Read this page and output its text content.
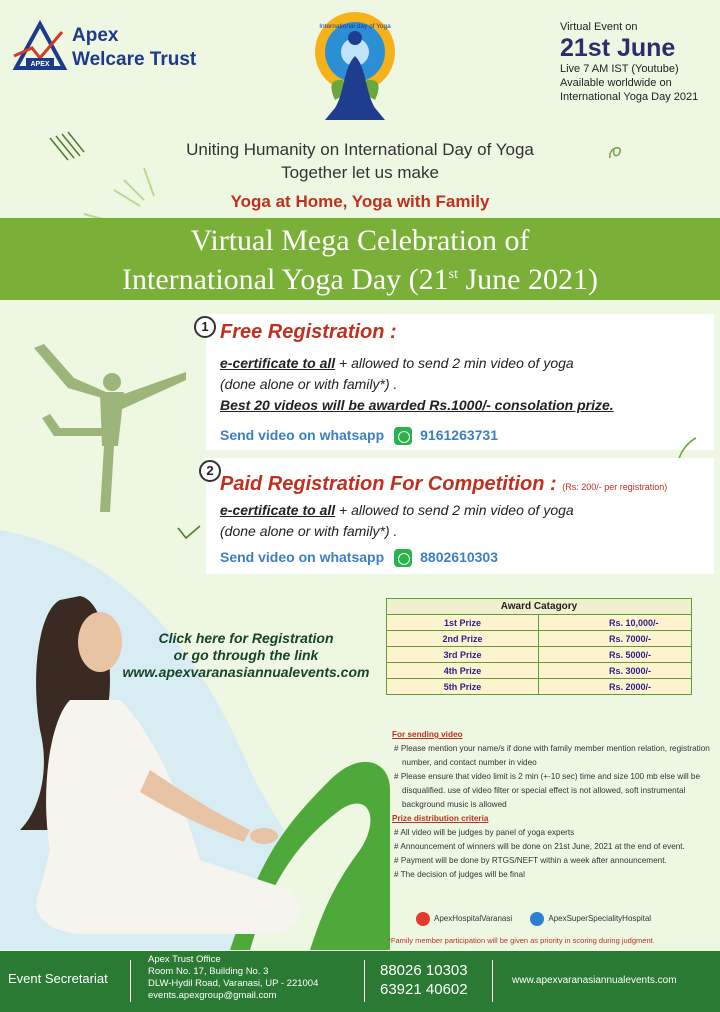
APEX
Apex
Welcare Trust
International day of Yoga	Virtual Event on
21st June
Live 7 AM IST (Youtube)
Available worldwide on
International Yoga Day 2021
Uniting Humanity on International Day of Yoga
Together let us make
Yoga at Home, Yoga with Family
Virtual Mega Celebration of
International Yoga Day (21st June 2021)
1 Free Registration :
e-certificate to all + allowed to send 2 min video of yoga
(done alone or with family*) .
Best 20 videos will be awarded Rs.1000/- consolation prize.
Send video on whatsapp	9161263731
2
Paid Registration For Competition : (Rs: 200/- per registration)
e-certificate to all + allowed to send 2 min video of yoga
(done alone or with family*) .
Send video on whatsapp	8802610303
Click here for Registration
or go through the link
www.apexvaranasiannualevents.com
Award Catagory	
1st Prize	Rs. 10,000/-
2nd Prize	Rs. 7000/-
3rd Prize	Rs. 5000/-
4th Prize	Rs. 3000/-
5th Prize	Rs. 2000/-
For sending video

# Please mention your name/s if done with family member mention relation, registration number, and contact number in video

# Please ensure that video limit is 2 min (+-10 sec) time and size 100 mb else will be disqualified. use of video filter or special effect is not allowed, soft instrumental background music is allowed

Prize distribution criteria

# All video will be judges by panel of yoga experts

# Announcement of winners will be done on 21st June, 2021 at the end of event.

# Payment will be done by RTGS/NEFT within a week after announcement.

# The decision of judges will be final

ApexHospitalVaranasi	ApexSuperSpecialityHospital
*Family member participation will be given as priority in scoring during judgment.
Event Secretariat
Apex Trust Office
Room No. 17, Building No. 3
DLW-Hydil Road, Varanasi, UP - 221004
events.apexgroup@gmail.com
88026 10303
63921 40602
www.apexvaranasiannualevents.com
